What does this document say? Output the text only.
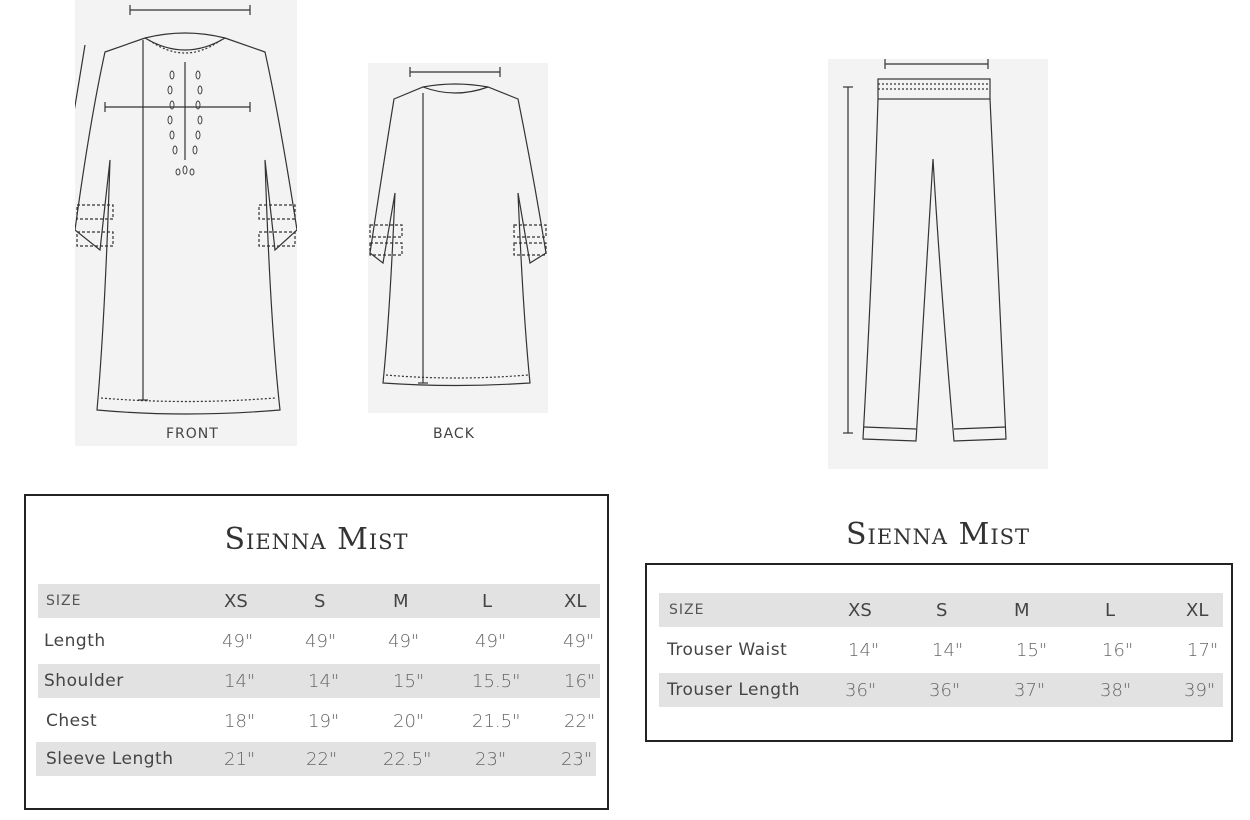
FRONT	BACK
Sienna Mist
SIZE	XS	S	M	L	XL
Length	49"	49"	49"	49"	49"
Shoulder	14"	14"	15"	15.5" 16"
Chest	18"	19"	20"	21.5" 22"
Sleeve Length	21"	22"	22.5" 23"	23"
Sienna Mist
SIZE	XS	S	M	L	XL
Trouser Waist	14"	14"	15"	16"	17"
Trouser Length 36"	36"	37"	38"	39"
